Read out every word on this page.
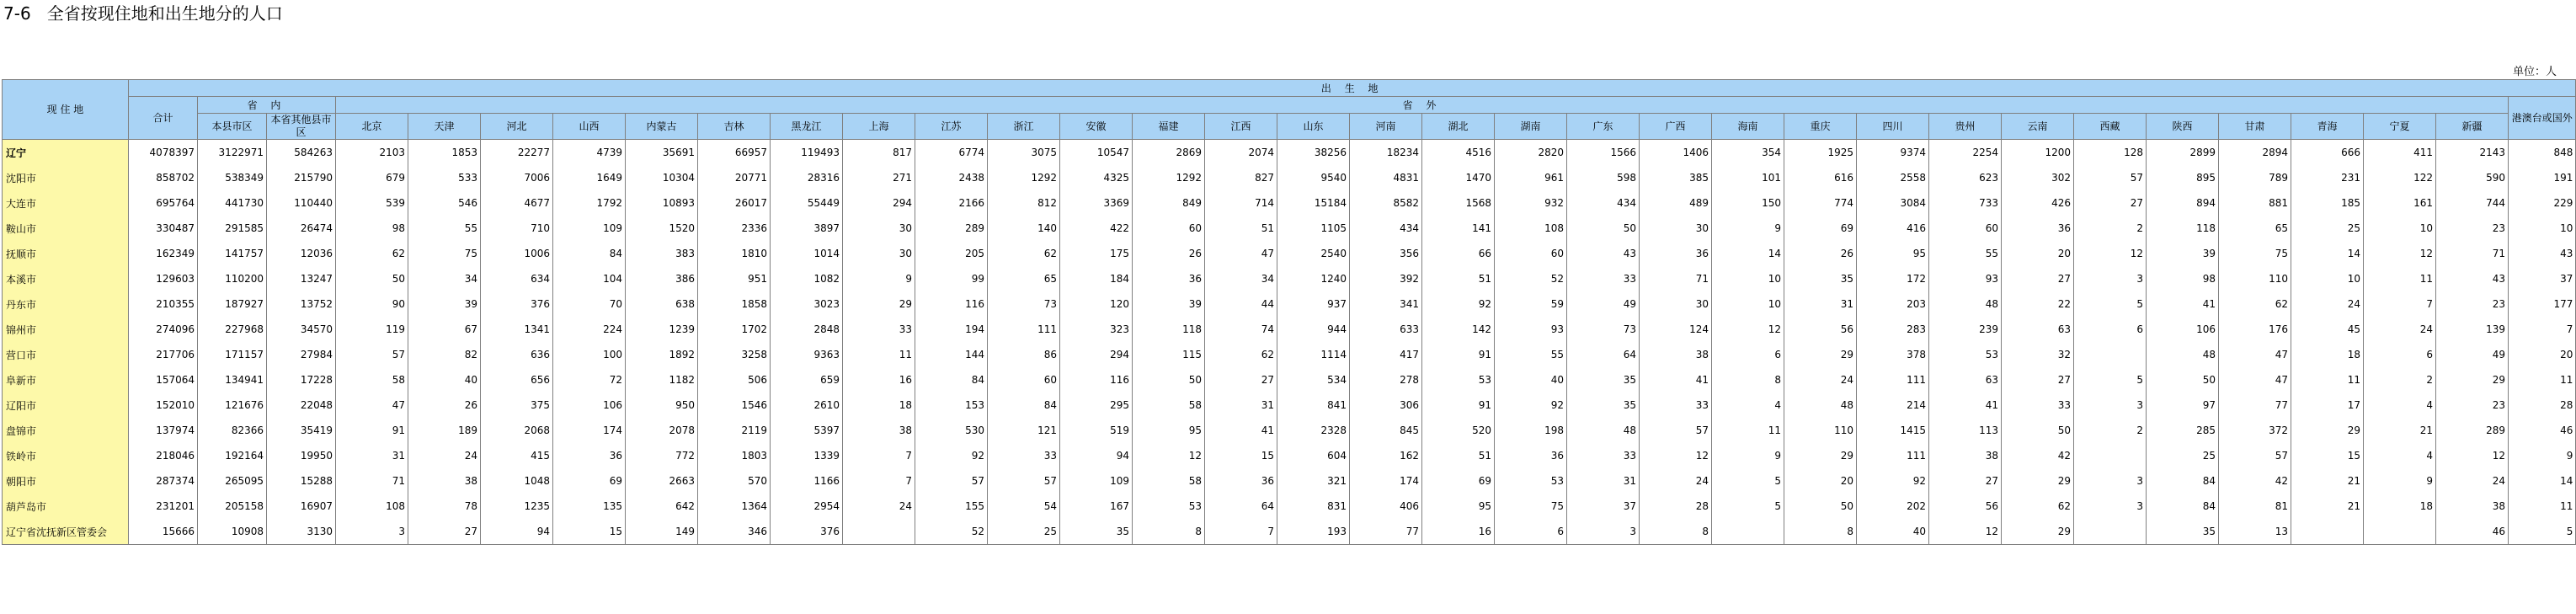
7-6   全省按现住地和出生地分的人口
单位：人
现 住 地	出 生 地																																	
	合计	省 内		省 外																														港澳台或国外
		本县市区	本省其他县市区	北京	天津	河北	山西	内蒙古	吉林	黑龙江	上海	江苏	浙江	安徽	福建	江西	山东	河南	湖北	湖南	广东	广西	海南	重庆	四川	贵州	云南	西藏	陕西	甘肃	青海	宁夏	新疆	
辽宁	4078397	3122971	584263	2103	1853	22277	4739	35691	66957	119493	817	6774	3075	10547	2869	2074	38256	18234	4516	2820	1566	1406	354	1925	9374	2254	1200	128	2899	2894	666	411	2143	848
沈阳市	858702	538349	215790	679	533	7006	1649	10304	20771	28316	271	2438	1292	4325	1292	827	9540	4831	1470	961	598	385	101	616	2558	623	302	57	895	789	231	122	590	191
大连市	695764	441730	110440	539	546	4677	1792	10893	26017	55449	294	2166	812	3369	849	714	15184	8582	1568	932	434	489	150	774	3084	733	426	27	894	881	185	161	744	229
鞍山市	330487	291585	26474	98	55	710	109	1520	2336	3897	30	289	140	422	60	51	1105	434	141	108	50	30	9	69	416	60	36	2	118	65	25	10	23	10
抚顺市	162349	141757	12036	62	75	1006	84	383	1810	1014	30	205	62	175	26	47	2540	356	66	60	43	36	14	26	95	55	20	12	39	75	14	12	71	43
本溪市	129603	110200	13247	50	34	634	104	386	951	1082	9	99	65	184	36	34	1240	392	51	52	33	71	10	35	172	93	27	3	98	110	10	11	43	37
丹东市	210355	187927	13752	90	39	376	70	638	1858	3023	29	116	73	120	39	44	937	341	92	59	49	30	10	31	203	48	22	5	41	62	24	7	23	177
锦州市	274096	227968	34570	119	67	1341	224	1239	1702	2848	33	194	111	323	118	74	944	633	142	93	73	124	12	56	283	239	63	6	106	176	45	24	139	7
营口市	217706	171157	27984	57	82	636	100	1892	3258	9363	11	144	86	294	115	62	1114	417	91	55	64	38	6	29	378	53	32		48	47	18	6	49	20
阜新市	157064	134941	17228	58	40	656	72	1182	506	659	16	84	60	116	50	27	534	278	53	40	35	41	8	24	111	63	27	5	50	47	11	2	29	11
辽阳市	152010	121676	22048	47	26	375	106	950	1546	2610	18	153	84	295	58	31	841	306	91	92	35	33	4	48	214	41	33	3	97	77	17	4	23	28
盘锦市	137974	82366	35419	91	189	2068	174	2078	2119	5397	38	530	121	519	95	41	2328	845	520	198	48	57	11	110	1415	113	50	2	285	372	29	21	289	46
铁岭市	218046	192164	19950	31	24	415	36	772	1803	1339	7	92	33	94	12	15	604	162	51	36	33	12	9	29	111	38	42		25	57	15	4	12	9
朝阳市	287374	265095	15288	71	38	1048	69	2663	570	1166	7	57	57	109	58	36	321	174	69	53	31	24	5	20	92	27	29	3	84	42	21	9	24	14
葫芦岛市	231201	205158	16907	108	78	1235	135	642	1364	2954	24	155	54	167	53	64	831	406	95	75	37	28	5	50	202	56	62	3	84	81	21	18	38	11
辽宁省沈抚新区管委会	15666	10908	3130	3	27	94	15	149	346	376		52	25	35	8	7	193	77	16	6	3	8		8	40	12	29		35	13			46	5
